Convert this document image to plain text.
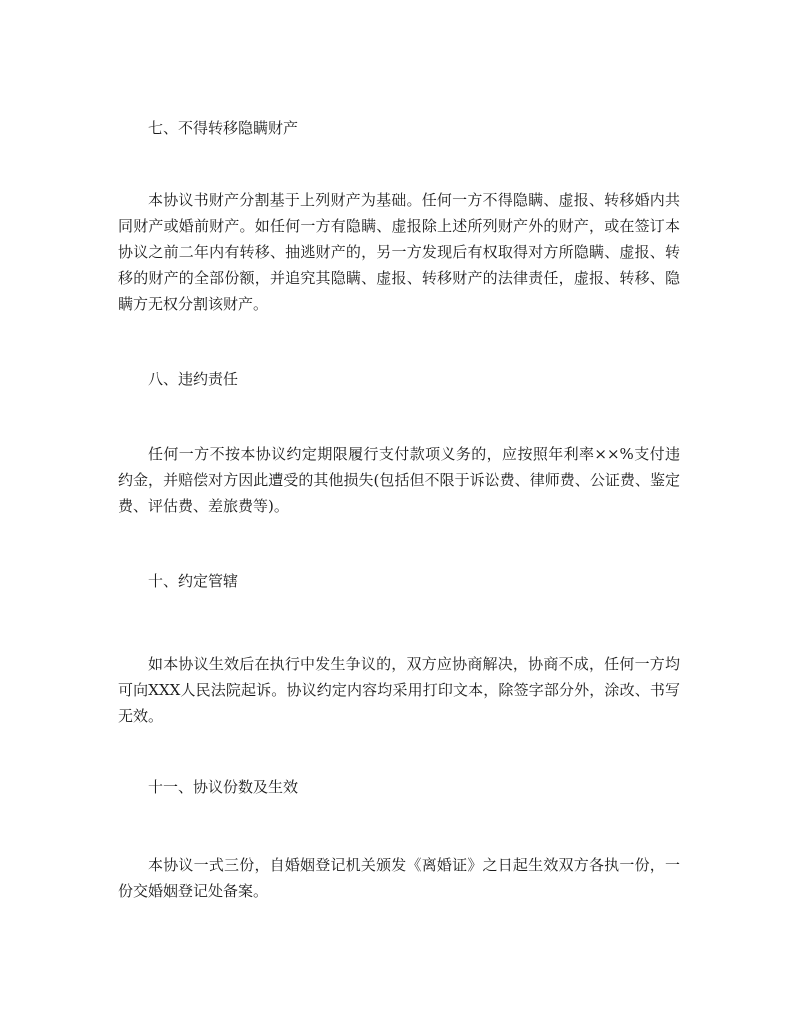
七、不得转移隐瞒财产

本协议书财产分割基于上列财产为基础。任何一方不得隐瞒、虚报、转移婚内共同财产或婚前财产。如任何一方有隐瞒、虚报除上述所列财产外的财产，或在签订本协议之前二年内有转移、抽逃财产的，另一方发现后有权取得对方所隐瞒、虚报、转移的财产的全部份额，并追究其隐瞒、虚报、转移财产的法律责任，虚报、转移、隐瞒方无权分割该财产。

八、违约责任

任何一方不按本协议约定期限履行支付款项义务的，应按照年利率××%支付违约金，并赔偿对方因此遭受的其他损失(包括但不限于诉讼费、律师费、公证费、鉴定费、评估费、差旅费等)。

十、约定管辖

如本协议生效后在执行中发生争议的，双方应协商解决，协商不成，任何一方均可向XXX人民法院起诉。协议约定内容均采用打印文本，除签字部分外，涂改、书写无效。

十一、协议份数及生效

本协议一式三份，自婚姻登记机关颁发《离婚证》之日起生效双方各执一份，一份交婚姻登记处备案。
